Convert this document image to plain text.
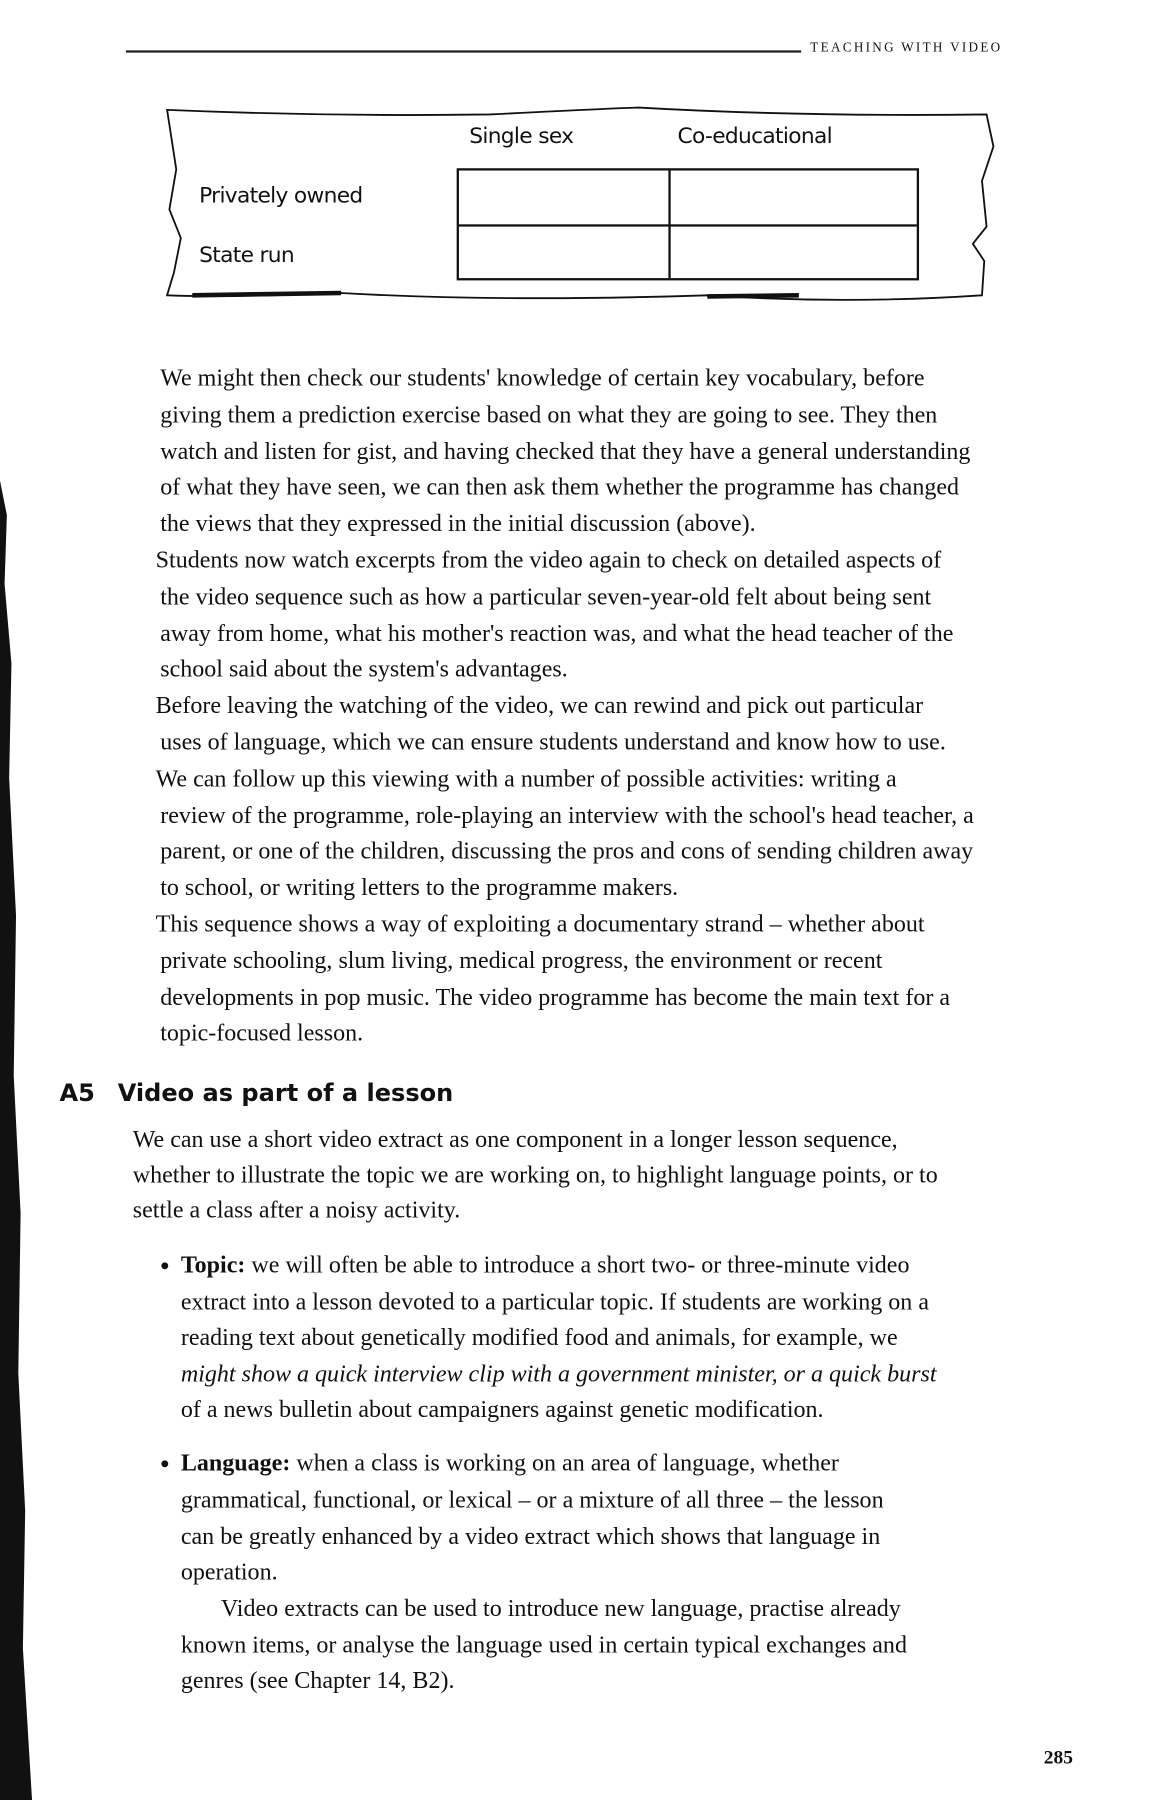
TEACHING WITH VIDEO
Single sex	Co-educational
Privately owned
State run
We might then check our students' knowledge of certain key vocabulary, before
giving them a prediction exercise based on what they are going to see. They then
watch and listen for gist, and having checked that they have a general understanding
of what they have seen, we can then ask them whether the programme has changed
the views that they expressed in the initial discussion (above).
Students now watch excerpts from the video again to check on detailed aspects of
the video sequence such as how a particular seven-year-old felt about being sent
away from home, what his mother's reaction was, and what the head teacher of the
school said about the system's advantages.
Before leaving the watching of the video, we can rewind and pick out particular
uses of language, which we can ensure students understand and know how to use.
We can follow up this viewing with a number of possible activities: writing a
review of the programme, role-playing an interview with the school's head teacher, a
parent, or one of the children, discussing the pros and cons of sending children away
to school, or writing letters to the programme makers.
This sequence shows a way of exploiting a documentary strand – whether about
private schooling, slum living, medical progress, the environment or recent
developments in pop music. The video programme has become the main text for a
topic-focused lesson.
A5 Video as part of a lesson
We can use a short video extract as one component in a longer lesson sequence,
whether to illustrate the topic we are working on, to highlight language points, or to
settle a class after a noisy activity.
Topic: we will often be able to introduce a short two- or three-minute video
extract into a lesson devoted to a particular topic. If students are working on a
reading text about genetically modified food and animals, for example, we
might show a quick interview clip with a government minister, or a quick burst
of a news bulletin about campaigners against genetic modification.
Language: when a class is working on an area of language, whether
grammatical, functional, or lexical – or a mixture of all three – the lesson
can be greatly enhanced by a video extract which shows that language in
operation.
Video extracts can be used to introduce new language, practise already
known items, or analyse the language used in certain typical exchanges and
genres (see Chapter 14, B2).
285
